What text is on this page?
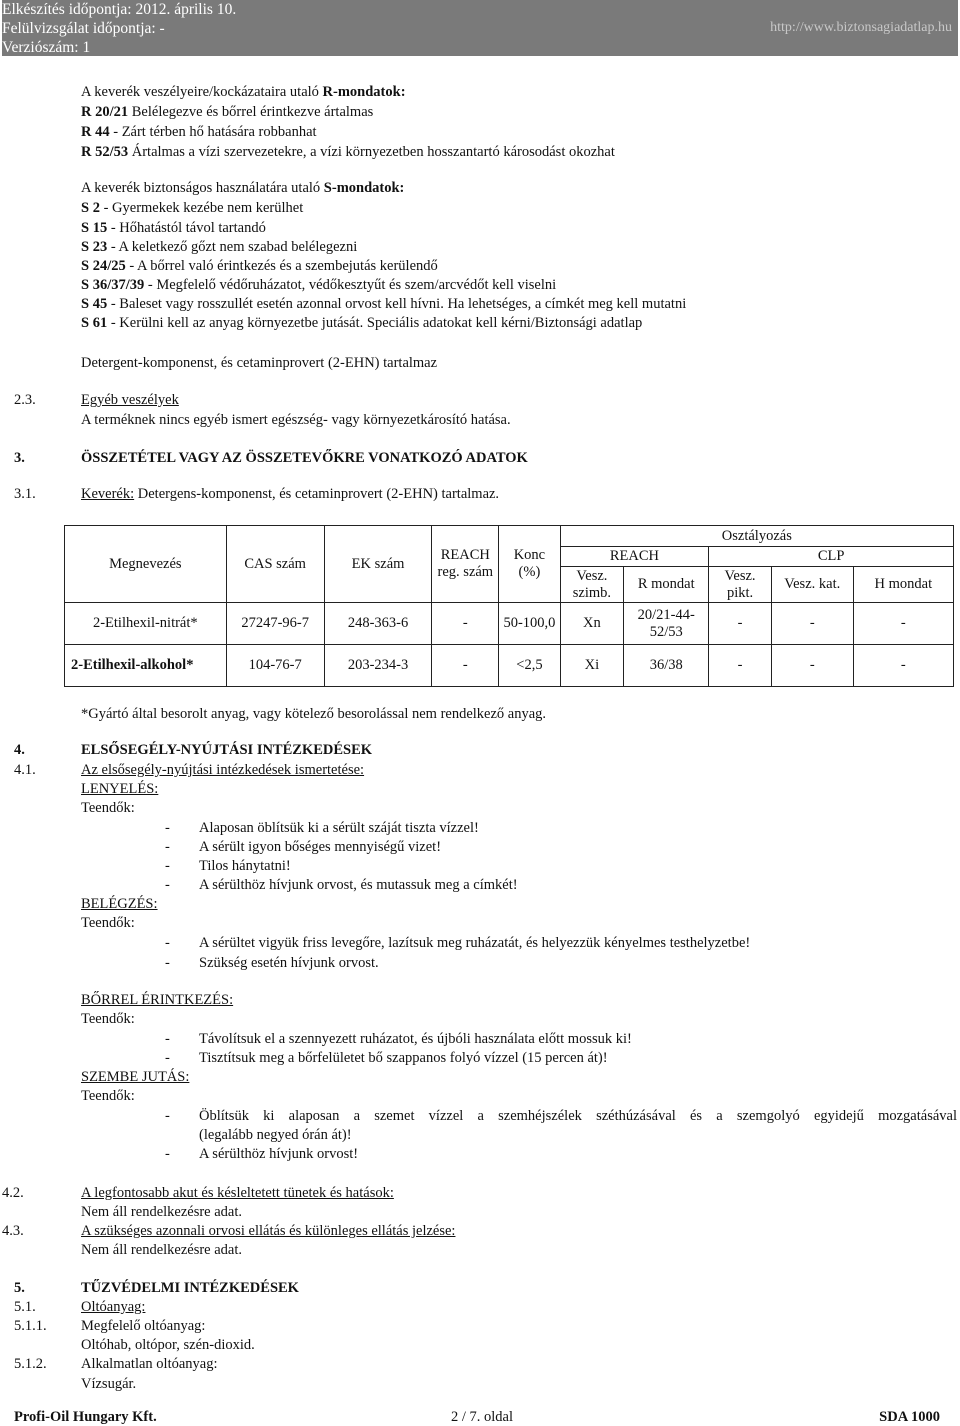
Elkészítés időpontja: 2012. április 10.
Felülvizsgálat időpontja: -
Verziószám: 1
http://www.biztonsagiadatlap.hu
A keverék veszélyeire/kockázataira utaló R-mondatok:
R 20/21 Belélegezve és bőrrel érintkezve ártalmas
R 44 - Zárt térben hő hatására robbanhat
R 52/53 Ártalmas a vízi szervezetekre, a vízi környezetben hosszantartó károsodást okozhat
A keverék biztonságos használatára utaló S-mondatok:
S 2 - Gyermekek kezébe nem kerülhet
S 15 - Hőhatástól távol tartandó
S 23 - A keletkező gőzt nem szabad belélegezni
S 24/25 - A bőrrel való érintkezés és a szembejutás kerülendő
S 36/37/39 - Megfelelő védőruházatot, védőkesztyűt és szem/arcvédőt kell viselni
S 45 - Baleset vagy rosszullét esetén azonnal orvost kell hívni. Ha lehetséges, a címkét meg kell mutatni
S 61 - Kerülni kell az anyag környezetbe jutását. Speciális adatokat kell kérni/Biztonsági adatlap
Detergent-komponenst, és cetaminprovert (2-EHN) tartalmaz
2.3.	Egyéb veszélyek
A terméknek nincs egyéb ismert egészség- vagy környezetkárosító hatása.
3.	ÖSSZETÉTEL VAGY AZ ÖSSZETEVŐKRE VONATKOZÓ ADATOK
3.1.	Keverék: Detergens-komponenst, és cetaminprovert (2-EHN) tartalmaz.
Megnevezés	CAS szám	EK szám	REACH reg. szám	Konc (%)	Osztályozás				
					REACH		CLP		
					Vesz. szimb.	R mondat	Vesz. pikt.	Vesz. kat.	H mondat

2-Etilhexil-nitrát*	27247-96-7	248-363-6	-	50-100,0	Xn	20/21-44-52/53	-	-	-
2-Etilhexil-alkohol*	104-76-7	203-234-3	-	<2,5	Xi	36/38	-	-	-
*Gyártó által besorolt anyag, vagy kötelező besorolással nem rendelkező anyag.
4.	ELSŐSEGÉLY-NYÚJTÁSI INTÉZKEDÉSEK
4.1.	Az elsősegély-nyújtási intézkedések ismertetése:
LENYELÉS:
Teendők:
- Alaposan öblítsük ki a sérült száját tiszta vízzel!
- A sérült igyon bőséges mennyiségű vizet!
- Tilos hánytatni!
- A sérülthöz hívjunk orvost, és mutassuk meg a címkét!
BELÉGZÉS:
Teendők:
- A sérültet vigyük friss levegőre, lazítsuk meg ruházatát, és helyezzük kényelmes testhelyzetbe!
- Szükség esetén hívjunk orvost.
BŐRREL ÉRINTKEZÉS:
Teendők:
- Távolítsuk el a szennyezett ruházatot, és újbóli használata előtt mossuk ki!
- Tisztítsuk meg a bőrfelületet bő szappanos folyó vízzel (15 percen át)!
SZEMBE JUTÁS:
Teendők:
- Öblítsük ki alaposan a szemet vízzel a szemhéjszélek széthúzásával és a szemgolyó egyidejű mozgatásával
(legalább negyed órán át)!
- A sérülthöz hívjunk orvost!
4.2.	A legfontosabb akut és késleltetett tünetek és hatások:
Nem áll rendelkezésre adat.
4.3.	A szükséges azonnali orvosi ellátás és különleges ellátás jelzése:
Nem áll rendelkezésre adat.
5.	TŰZVÉDELMI INTÉZKEDÉSEK
5.1.	Oltóanyag:
5.1.1. Megfelelő oltóanyag:
Oltóhab, oltópor, szén-dioxid.
5.1.2. Alkalmatlan oltóanyag:
Vízsugár.
Profi-Oil Hungary Kft.	2 / 7. oldal	SDA 1000
